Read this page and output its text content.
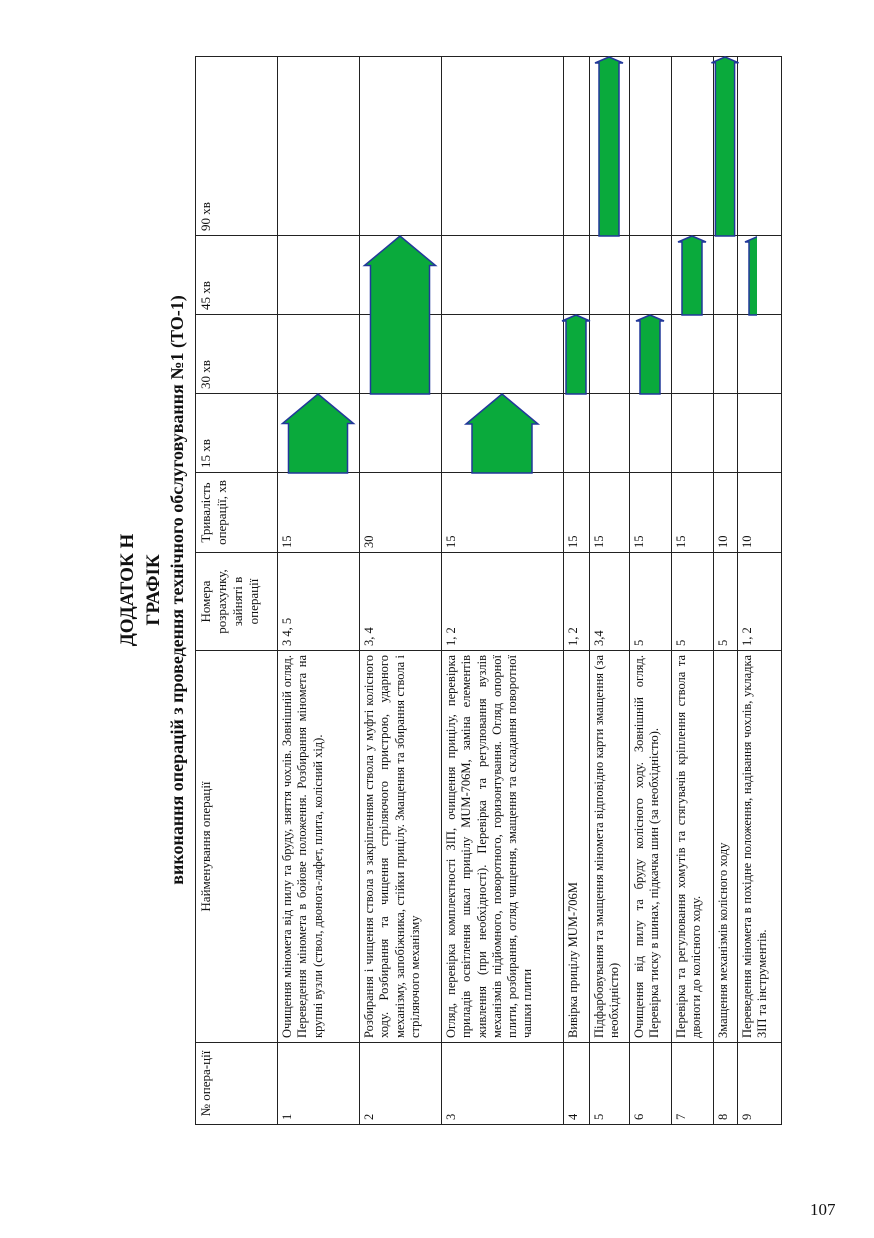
ДОДАТОК Н ГРАФІК виконання операцій з проведення технічного обслуговування №1 (ТО-1)
№ опера-ції	Найменування операції	Номера розрахунку, зайняті в операції	Тривалість операції, хв	15 хв	30 хв	45 хв	90 хв
1	Очищення мінометa від пилу та бруду, зняття чохлів. Зовнішній огляд. Переведення мінометa в бойове положення. Розбирання мінометa на крупні вузли (ствол, двонога-лафет, плита, колісний хід).	3 4, 5	15				
2	Розбирання і чищення ствола з закріпленням ствола у муфті колісного ходу. Розбирання та чищення стріляючого пристрою, ударного механізму, запобіжника, стійки прицілу. Змащення та збирання ствола і стріляючого механізму	3, 4	30				
3	Огляд, перевірка комплектності ЗІП, очищення прицілу, перевірка приладів освітлення шкал прицілу MUM-706M, заміна елементів живлення (при необхідності). Перевірка та регулювання вузлів механізмів підйомного, поворотного, горизонтування. Огляд опорної плити, розбирання, огляд чищення, змащення та складання поворотної чашки плити	1, 2	15				
4	Вивірка прицілу MUM-706M	1, 2	15				
5	Підфарбовування та змащення мінометa відповідно карти змащення (за необхідністю)	3,4	15				
6	Очищення від пилу та бруду колісного ходу. Зовнішній огляд. Перевірка тиску в шинах, підкачка шин (за необхідністю).	5	15				
7	Перевірка та регулювання хомутів та стягувачів кріплення ствола та двоноги до колісного ходу.	5	15				
8	Змащення механізмів колісного ходу	5	10				
9	Переведення мінометa в похідне положення, надівання чохлів, укладка ЗІП та інструментів.	1, 2	10				
107
